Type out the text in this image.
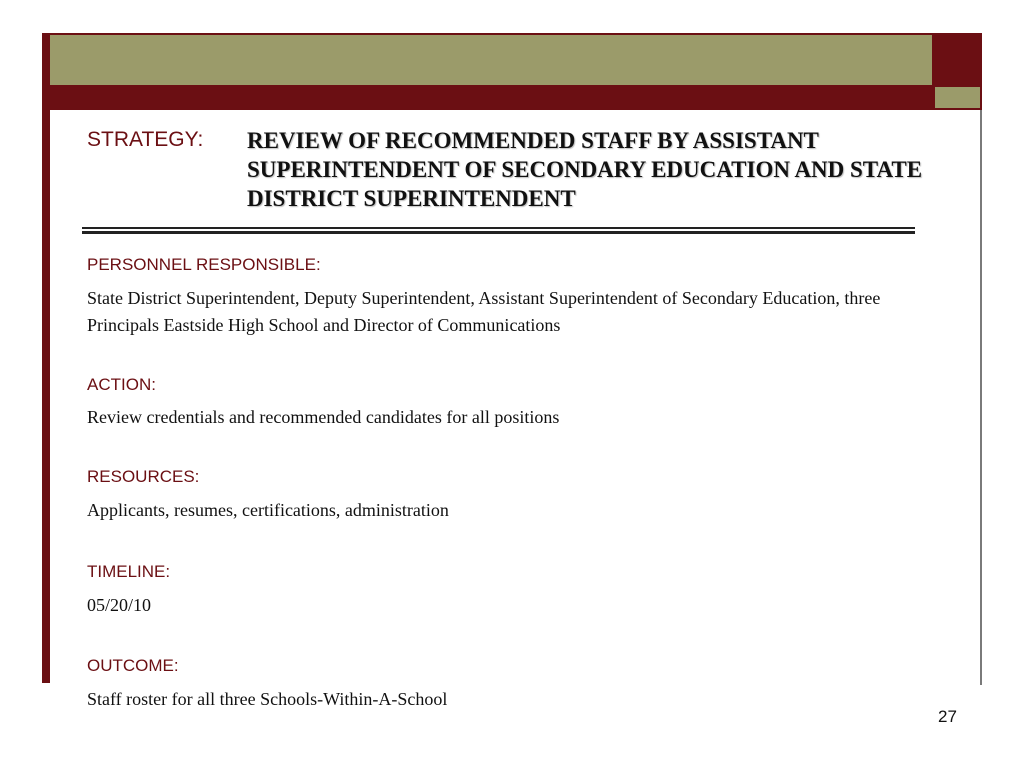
STRATEGY: REVIEW OF RECOMMENDED STAFF BY ASSISTANT SUPERINTENDENT OF SECONDARY EDUCATION AND STATE DISTRICT SUPERINTENDENT
PERSONNEL RESPONSIBLE:
State District Superintendent, Deputy Superintendent, Assistant Superintendent of Secondary Education, three Principals Eastside High School and Director of Communications
ACTION:
Review credentials and recommended candidates for all positions
RESOURCES:
Applicants, resumes, certifications, administration
TIMELINE:
05/20/10
OUTCOME:
Staff roster for all three Schools-Within-A-School
27
